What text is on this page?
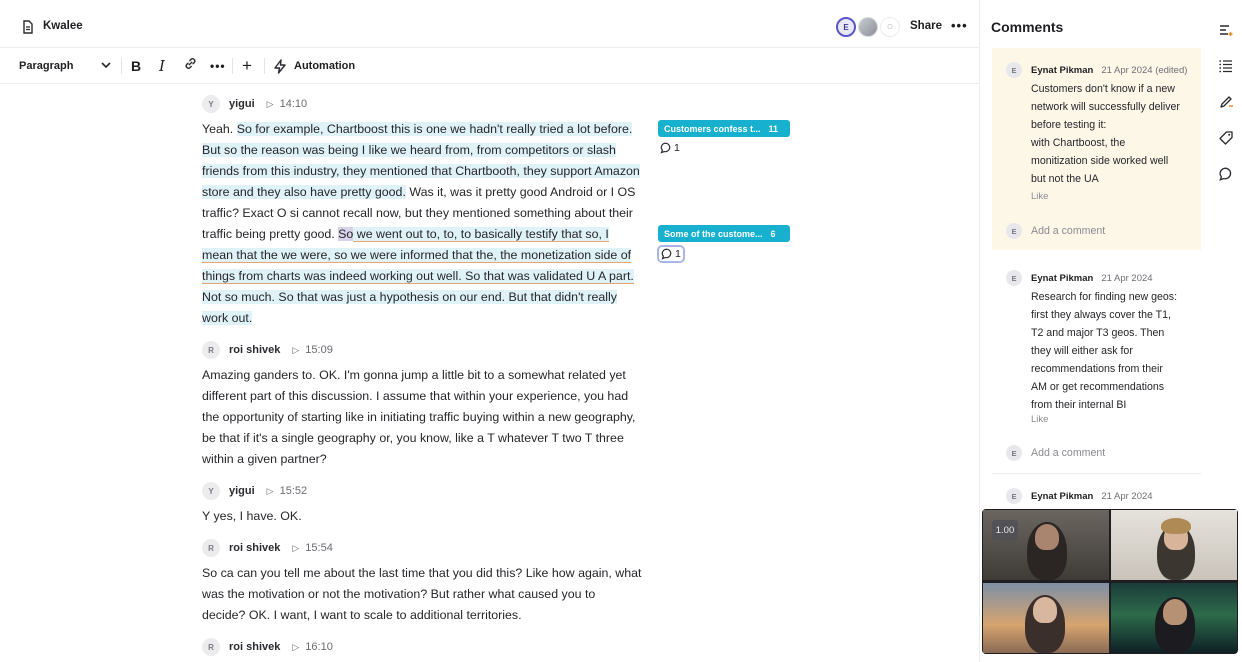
Kwalee	E	O	Share •••
Paragraph	B I	••• +	Automation
Y	yigui ▷ 14:10
Yeah. So for example, Chartboost this is one we hadn't really tried a lot before. But so the reason was being I like we heard from, from competitors or slash friends from this industry, they mentioned that Chartbooth, they support Amazon store and they also have pretty good. Was it, was it pretty good Android or I OS traffic? Exact O si cannot recall now, but they mentioned something about their traffic being pretty good. So we went out to, to, to basically testify that so, I mean that the we were, so we were informed that the, the monetization side of things from charts was indeed working out well. So that was validated U A part. Not so much. So that was just a hypothesis on our end. But that didn't really work out.
R	roi shivek ▷ 15:09
Amazing ganders to. OK. I'm gonna jump a little bit to a somewhat related yet different part of this discussion. I assume that within your experience, you had the opportunity of starting like in initiating traffic buying within a new geography, be that if it's a single geography or, you know, like a T whatever T two T three within a given partner?
Y	yigui ▷ 15:52
Y yes, I have. OK.
R	roi shivek ▷ 15:54
So ca can you tell me about the last time that you did this? Like how again, what was the motivation or not the motivation? But rather what caused you to decide? OK. I want, I want to scale to additional territories.
R	roi shivek ▷ 16:10
Customers confess t... 11
1
Some of the custome... 6
1
Comments
E	Eynat Pikman 21 Apr 2024 (edited)
Customers don't know if a new network will successfully deliver before testing it:
with Chartboost, the monitization side worked well but not the UA
Like
E	Add a comment
E	Eynat Pikman 21 Apr 2024
Research for finding new geos: first they always cover the T1, T2 and major T3 geos. Then they will either ask for recommendations from their AM or get recommendations from their internal BI
Like
E	Add a comment
E	Eynat Pikman 21 Apr 2024
1.00
